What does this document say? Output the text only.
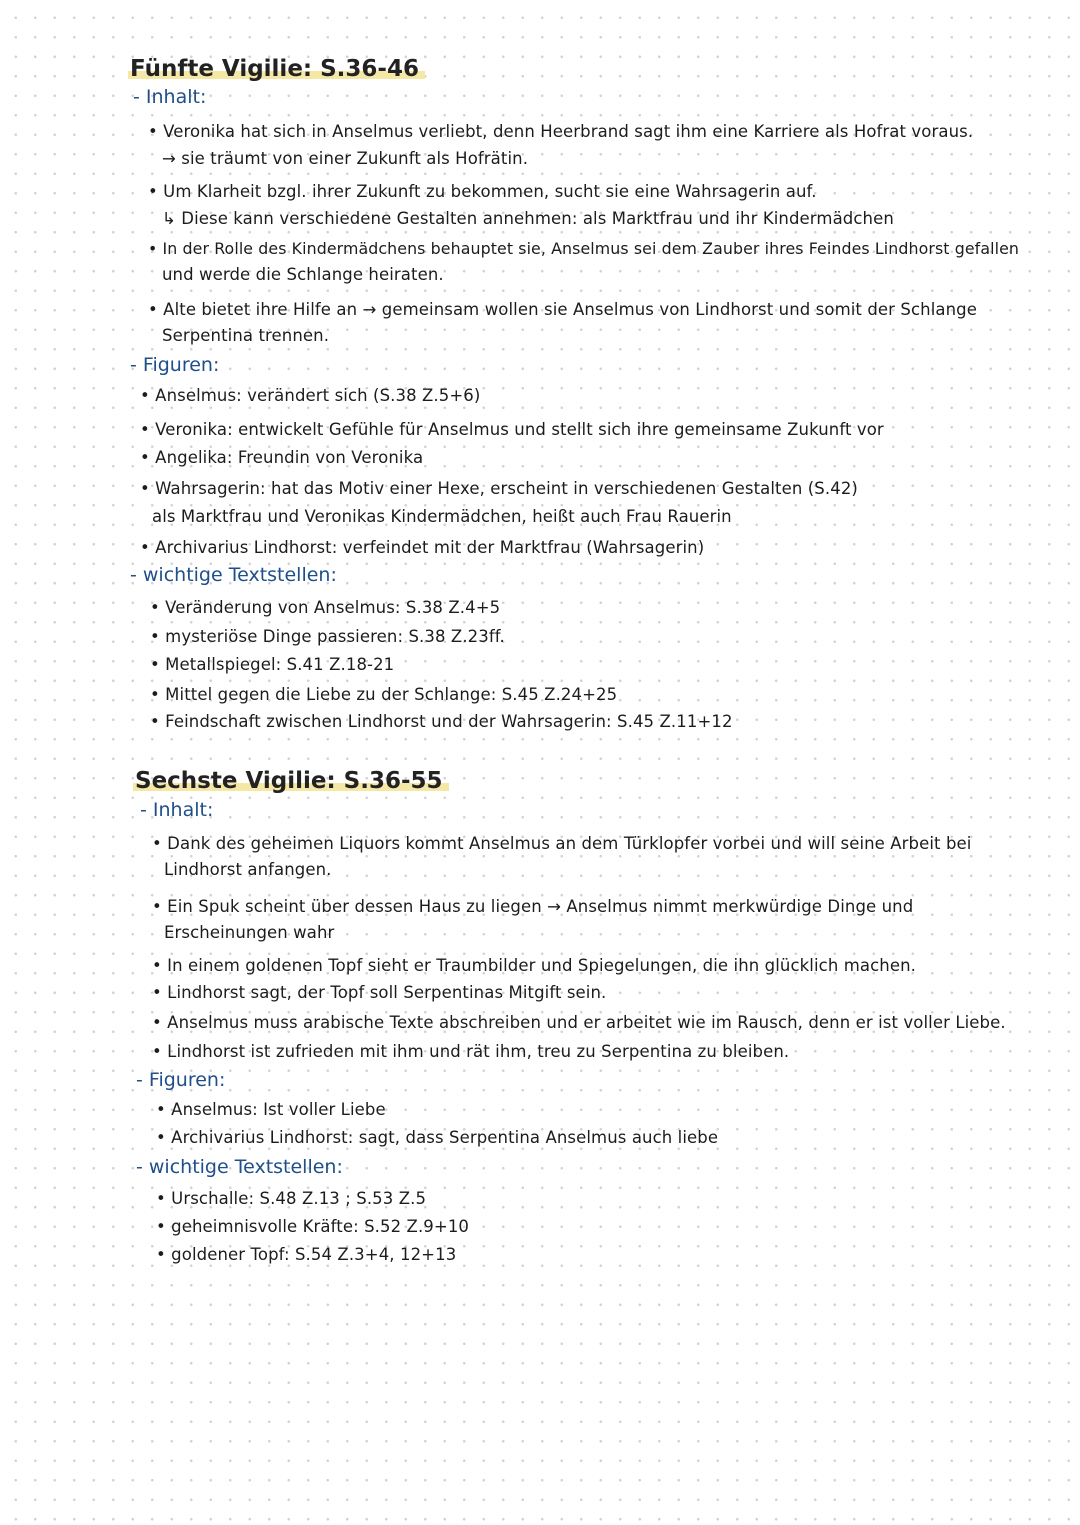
Fünfte Vigilie: S.36-46
- Inhalt:
• Veronika hat sich in Anselmus verliebt, denn Heerbrand sagt ihm eine Karriere als Hofrat voraus.
→ sie träumt von einer Zukunft als Hofrätin.
• Um Klarheit bzgl. ihrer Zukunft zu bekommen, sucht sie eine Wahrsagerin auf.
↳ Diese kann verschiedene Gestalten annehmen: als Marktfrau und ihr Kindermädchen
• In der Rolle des Kindermädchens behauptet sie, Anselmus sei dem Zauber ihres Feindes Lindhorst gefallen
und werde die Schlange heiraten.
• Alte bietet ihre Hilfe an → gemeinsam wollen sie Anselmus von Lindhorst und somit der Schlange
Serpentina trennen.
- Figuren:
• Anselmus: verändert sich (S.38 Z.5+6)
• Veronika: entwickelt Gefühle für Anselmus und stellt sich ihre gemeinsame Zukunft vor
• Angelika: Freundin von Veronika
• Wahrsagerin: hat das Motiv einer Hexe, erscheint in verschiedenen Gestalten (S.42)
als Marktfrau und Veronikas Kindermädchen, heißt auch Frau Rauerin
• Archivarius Lindhorst: verfeindet mit der Marktfrau (Wahrsagerin)
- wichtige Textstellen:
• Veränderung von Anselmus: S.38 Z.4+5
• mysteriöse Dinge passieren: S.38 Z.23ff.
• Metallspiegel: S.41 Z.18-21
• Mittel gegen die Liebe zu der Schlange: S.45 Z.24+25
• Feindschaft zwischen Lindhorst und der Wahrsagerin: S.45 Z.11+12
Sechste Vigilie: S.36-55
- Inhalt:
• Dank des geheimen Liquors kommt Anselmus an dem Türklopfer vorbei und will seine Arbeit bei
Lindhorst anfangen.
• Ein Spuk scheint über dessen Haus zu liegen → Anselmus nimmt merkwürdige Dinge und
Erscheinungen wahr
• In einem goldenen Topf sieht er Traumbilder und Spiegelungen, die ihn glücklich machen.
• Lindhorst sagt, der Topf soll Serpentinas Mitgift sein.
• Anselmus muss arabische Texte abschreiben und er arbeitet wie im Rausch, denn er ist voller Liebe.
• Lindhorst ist zufrieden mit ihm und rät ihm, treu zu Serpentina zu bleiben.
- Figuren:
• Anselmus: Ist voller Liebe
• Archivarius Lindhorst: sagt, dass Serpentina Anselmus auch liebe
- wichtige Textstellen:
• Urschalle: S.48 Z.13 ; S.53 Z.5
• geheimnisvolle Kräfte: S.52 Z.9+10
• goldener Topf: S.54 Z.3+4, 12+13
